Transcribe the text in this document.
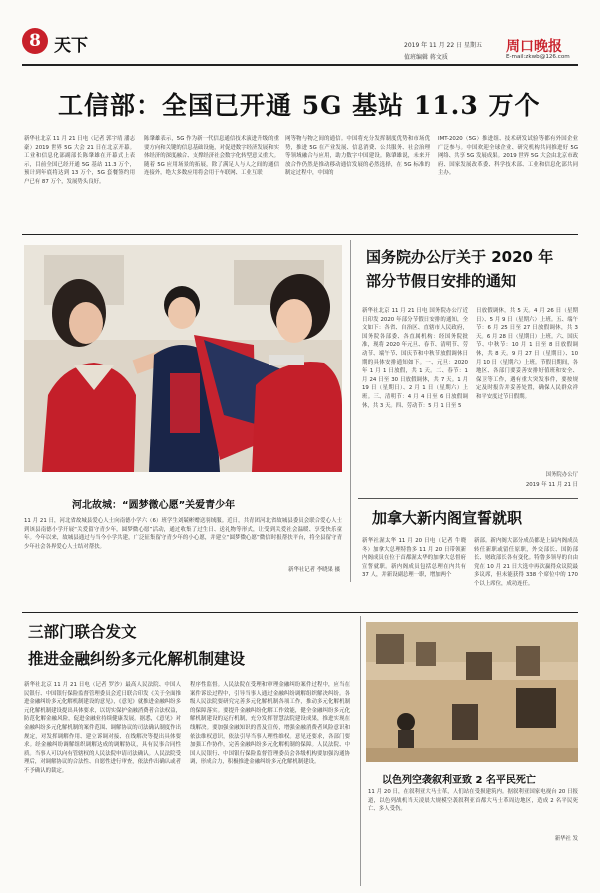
8 天下	2019 年 11 月 22 日 星期五
值班编辑 蒋文质
周口晚报
E-mail:zkwb@126.com
工信部：全国已开通 5G 基站 11.3 万个
新华社北京 11 月 21 日电（记者 郭宇靖 潘志豪）2019 世界 5G 大会 21 日在北京开幕。工业和信息化部副部长陈肇雄在开幕式上表示，目前全国已经开通 5G 基站 11.3 万个，预计到年底将达到 13 万个，5G 套餐签约用户已有 87 万个，发展势头良好。
陈肇雄表示，5G 作为新一代信息通信技术演进升级的重要方向和关键的信息基础设施，对促进数字经济发展和实体经济的深度融合、支撑经济社会数字化转型意义重大。随着 5G 应用场景的拓展，除了满足人与人之间的通信连接外，绝大多数应用将会用于车联网、工业互联
网等物与物之间的通信。中国将充分发挥制度优势和市场优势，推进 5G 在产业发展、信息消费、公共服务、社会治理等领域融合与应用，助力数字中国建设。陈肇雄说，未来开放合作仍然是推动移动通信发展的必然选择，在 5G 标准的制定过程中，中国的
IMT-2020（5G）推进组、技术研发试验等都有外国企业广泛参与。中国欢迎全球企业、研究机构共同推进好 5G 网络、共享 5G 发展成果。2019 世界 5G 大会由北京市政府、国家发展改革委、科学技术部、工业和信息化部共同主办。
河北故城：“圆梦微心愿”关爱青少年
11 月 21 日，河北省故城县爱心人士向南德小学六（6）班学生刘兢彬赠送羽绒服。近日，共青团河北省故城县委员会联合爱心人士到该县南德小学开展“关爱留守青少年，圆梦微心愿”活动，通过收集了过生日、送礼物等形式，让受到关爱社会温暖、享受快乐童年。今年以来，故城县通过与当今小学共建，广泛征集留守青少年的小心愿，并建立“圆梦微心愿”微信时报帮扶平台，将全县留守青少年社会各界爱心人士结对帮扶。
新华社记者 李晓果 摄
国务院办公厅关于 2020 年
部分节假日安排的通知
新华社北京 11 月 21 日电 国务院办公厅近日印发 2020 年部分节假日安排的通知，全文如下：各省、自治区、直辖市人民政府，国务院各部委、各直属机构：经国务院批准，现将 2020 年元旦、春节、清明节、劳动节、端午节、国庆节和中秋节放假调休日期的具体安排通知如下。一、元旦：2020 年 1 月 1 日放假，共 1 天。二、春节：1 月 24 日至 30 日放假调休，共 7 天。1 月 19 日（星期日）、2 月 1 日（星期六）上班。三、清明节：4 月 4 日至 6 日放假调休，共 3 天。四、劳动节：5 月 1 日至 5
日放假调休，共 5 天。4 月 26 日（星期日）、5 月 9 日（星期六）上班。五、端午节：6 月 25 日至 27 日放假调休，共 3 天。6 月 28 日（星期日）上班。六、国庆节、中秋节：10 月 1 日至 8 日放假调休，共 8 天。9 月 27 日（星期日）、10 月 10 日（星期六）上班。节假日期间，各地区、各部门要妥善安排好值班和安全、保卫等工作，遇有重大突发事件，要按规定及时报告并妥善处置，确保人民群众祥和平安度过节日假期。
国务院办公厅
2019 年 11 月 21 日
加拿大新内阁宣誓就职
新华社渥太华 11 月 20 日电（记者 牛晓冬）加拿大总理特鲁多 11 月 20 日带领新内阁成员在位于首都渥太华的加拿大总督府宣誓就职。新内阁成员包括总理在内共有 37 人，并新设副总理一职，增加两个
新部。新内阁大部分成员都是上届内阁成员转任新职或留任原职，外交部长、国防部长、财政部长各有变化。特鲁多领导的自由党在 10 月 21 日大选中再次赢得众议院最多议席，但未能获得 338 个席位中的 170 个以上席位，成功连任。
三部门联合发文
推进金融纠纷多元化解机制建设
新华社北京 11 月 21 日电（记者 罗沙）最高人民法院、中国人民银行、中国银行保险监督管理委员会近日联合印发《关于全面推进金融纠纷多元化解机制建设的意见》，《意见》就推进金融纠纷多元化解机制建设提出具体要求，以切实保护金融消费者合法权益，防范化解金融风险，促进金融业持续健康发展。据悉，《意见》对金融纠纷多元化解机制的案件范围、调解协议的司法确认制度作出规定，对发挥调解作用、建立诉调对接、在线解决等提出具体要求。经金融纠纷调解组织调解达成的调解协议，具有民事合同性质。当事人可以向有管辖权的人民法院申请司法确认。人民法院受理后，对调解协议的合法性、自愿性进行审查，依法作出确认或者不予确认的裁定。
程序性监督。人民法院在受理和审理金融纠纷案件过程中，应当在案件诉讼过程中，引导当事人通过金融纠纷调解组织解决纠纷。各级人民法院要研究完善多元化解机制各项工作，推动多元化解机制的保障落实。要提升金融纠纷化解工作效能，健全金融纠纷多元化解机制建设的运行机制，充分发挥智慧法院建设成果，推进实现在线解决。要加强金融知识的普及宣传，增强金融消费者风险意识和依法维权意识，依法引导当事人理性维权。意见还要求，各部门要加强工作协作，完善金融纠纷多元化解机制的保障。人民法院、中国人民银行、中国银行保险监督管理委员会各级机构要加强沟通协调，形成合力，积极推进金融纠纷多元化解机制建设。
以色列空袭叙利亚致 2 名平民死亡
11 月 20 日，在叙利亚大马士革，人们站在受损建筑内。据叙利亚国家电视台 20 日报道，以色列战机当天凌晨大规模空袭叙利亚首都大马士革周边地区，造成 2 名平民死亡、多人受伤。
新华社 发
